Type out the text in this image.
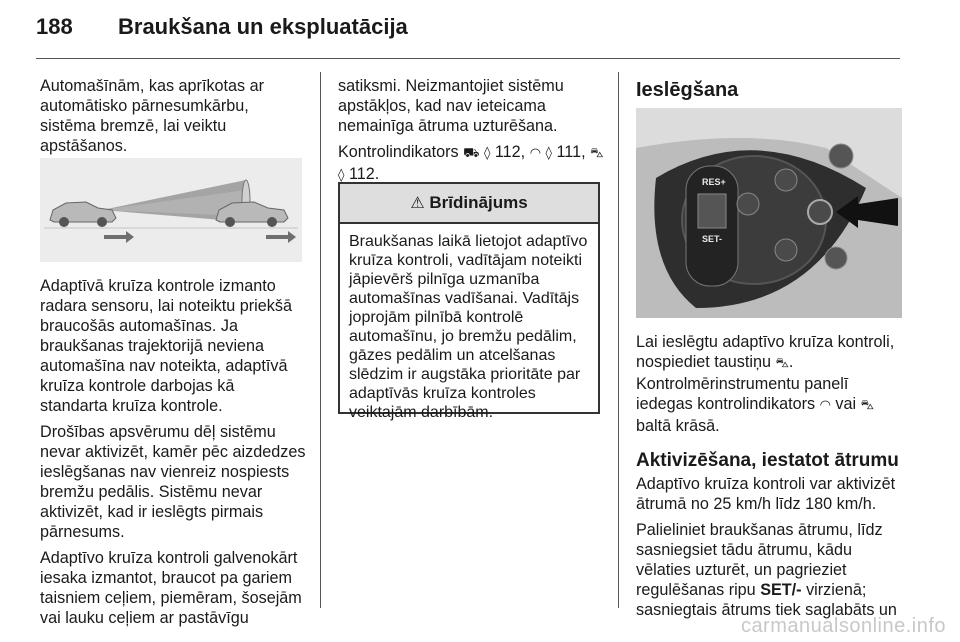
188 Braukšana un ekspluatācija

Automašīnām, kas aprīkotas ar automātisko pārnesumkārbu, sistēma bremzē, lai veiktu apstāšanos.

Adaptīvā kruīza kontrole izmanto radara sensoru, lai noteiktu priekšā braucošās automašīnas. Ja braukšanas trajektorijā neviena automašīna nav noteikta, adaptīvā kruīza kontrole darbojas kā standarta kruīza kontrole.

Drošības apsvērumu dēļ sistēmu nevar aktivizēt, kamēr pēc aizdedzes ieslēgšanas nav vienreiz nospiests bremžu pedālis. Sistēmu nevar aktivizēt, kad ir ieslēgts pirmais pārnesums.

Adaptīvo kruīza kontroli galvenokārt iesaka izmantot, braucot pa gariem taisniem ceļiem, piemēram, šosejām vai lauku ceļiem ar pastāvīgu

satiksmi. Neizmantojiet sistēmu apstākļos, kad nav ieteicama nemainīga ātruma uzturēšana.

Kontrolindikators ⛟ ◊ 112, ◠ ◊ 111, ⛍ ◊ 112.

⚠ Brīdinājums
Braukšanas laikā lietojot adaptīvo kruīza kontroli, vadītājam noteikti jāpievērš pilnīga uzmanība automašīnas vadīšanai. Vadītājs joprojām pilnībā kontrolē automašīnu, jo bremžu pedālim, gāzes pedālim un atcelšanas slēdzim ir augstāka prioritāte par adaptīvās kruīza kontroles veiktajām darbībām.
Ieslēgšana
RES+
SET-

Lai ieslēgtu adaptīvo kruīza kontroli, nospiediet taustiņu ⛍. Kontrolmērinstrumentu panelī iedegas kontrolindikators ◠ vai ⛍ baltā krāsā.

Aktivizēšana, iestatot ātrumu

Adaptīvo kruīza kontroli var aktivizēt ātrumā no 25 km/h līdz 180 km/h.

Palieliniet braukšanas ātrumu, līdz sasniegsiet tādu ātrumu, kādu vēlaties uzturēt, un pagrieziet regulēšanas ripu SET/- virzienā; sasniegtais ātrums tiek saglabāts un

carmanualsonline.info
